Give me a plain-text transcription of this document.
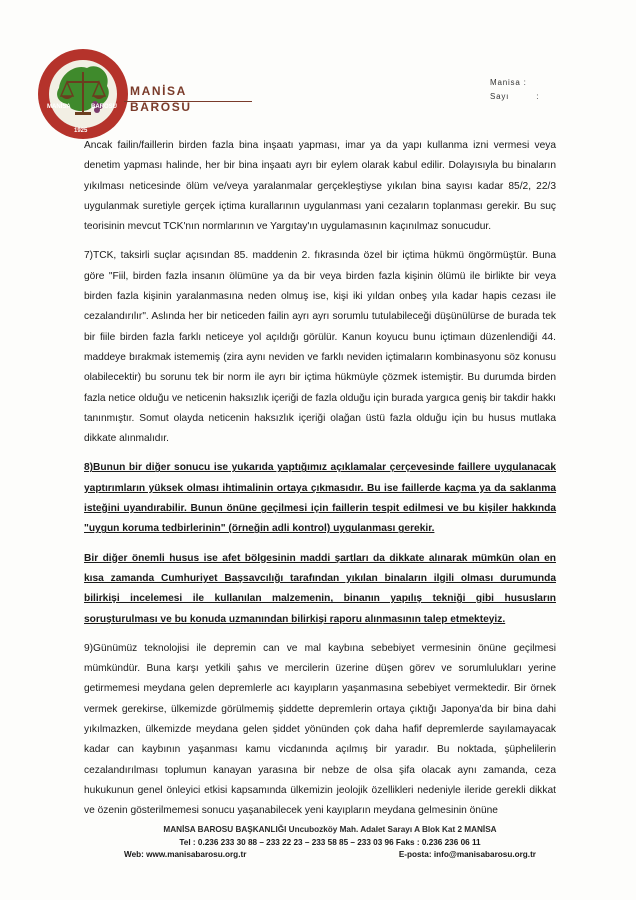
MANİSA	BAROSU
1925
MANİSA BAROSU
Manisa :
Sayı	:

Ancak failin/faillerin birden fazla bina inşaatı yapması, imar ya da yapı kullanma izni vermesi veya denetim yapması halinde, her bir bina inşaatı ayrı bir eylem olarak kabul edilir. Dolayısıyla bu binaların yıkılması neticesinde ölüm ve/veya yaralanmalar gerçekleştiyse yıkılan bina sayısı kadar 85/2, 22/3 uygulanmak suretiyle gerçek içtima kurallarının uygulanması yani cezaların toplanması gerekir. Bu suç teorisinin mevcut TCK'nın normlarının ve Yargıtay'ın uygulamasının kaçınılmaz sonucudur.

7)TCK, taksirli suçlar açısından 85. maddenin 2. fıkrasında özel bir içtima hükmü öngörmüştür. Buna göre "Fiil, birden fazla insanın ölümüne ya da bir veya birden fazla kişinin ölümü ile birlikte bir veya birden fazla kişinin yaralanmasına neden olmuş ise, kişi iki yıldan onbeş yıla kadar hapis cezası ile cezalandırılır". Aslında her bir neticeden failin ayrı ayrı sorumlu tutulabileceği düşünülürse de burada tek bir fiile birden fazla farklı neticeye yol açıldığı görülür. Kanun koyucu bunu içtimaın düzenlendiği 44. maddeye bırakmak istememiş (zira aynı neviden ve farklı neviden içtimaların kombinasyonu söz konusu olabilecektir) bu sorunu tek bir norm ile ayrı bir içtima hükmüyle çözmek istemiştir. Bu durumda birden fazla netice olduğu ve neticenin haksızlık içeriği de fazla olduğu için burada yargıca geniş bir takdir hakkı tanınmıştır. Somut olayda neticenin haksızlık içeriği olağan üstü fazla olduğu için bu husus mutlaka dikkate alınmalıdır.

8)Bunun bir diğer sonucu ise yukarıda yaptığımız açıklamalar çerçevesinde faillere uygulanacak yaptırımların yüksek olması ihtimalinin ortaya çıkmasıdır. Bu ise faillerde kaçma ya da saklanma isteğini uyandırabilir. Bunun önüne geçilmesi için faillerin tespit edilmesi ve bu kişiler hakkında "uygun koruma tedbirlerinin" (örneğin adli kontrol) uygulanması gerekir.

Bir diğer önemli husus ise afet bölgesinin maddi şartları da dikkate alınarak mümkün olan en kısa zamanda Cumhuriyet Başsavcılığı tarafından yıkılan binaların ilgili olması durumunda bilirkişi incelemesi ile kullanılan malzemenin, binanın yapılış tekniği gibi hususların soruşturulması ve bu konuda uzmanından bilirkişi raporu alınmasının talep etmekteyiz.

9)Günümüz teknolojisi ile depremin can ve mal kaybına sebebiyet vermesinin önüne geçilmesi mümkündür. Buna karşı yetkili şahıs ve mercilerin üzerine düşen görev ve sorumlulukları yerine getirmemesi meydana gelen depremlerle acı kayıpların yaşanmasına sebebiyet vermektedir. Bir örnek vermek gerekirse, ülkemizde görülmemiş şiddette depremlerin ortaya çıktığı Japonya'da bir bina dahi yıkılmazken, ülkemizde meydana gelen şiddet yönünden çok daha hafif depremlerde sayılamayacak kadar can kaybının yaşanması kamu vicdanında açılmış bir yaradır. Bu noktada, şüphelilerin cezalandırılması toplumun kanayan yarasına bir nebze de olsa şifa olacak aynı zamanda, ceza hukukunun genel önleyici etkisi kapsamında ülkemizin jeolojik özellikleri nedeniyle ileride gerekli dikkat ve özenin gösterilmemesi sonucu yaşanabilecek yeni kayıpların meydana gelmesinin önüne

MANİSA BAROSU BAŞKANLIĞI Uncubozköy Mah. Adalet Sarayı A Blok Kat 2 MANİSA
Tel : 0.236 233 30 88 – 233 22 23 – 233 58 85 – 233 03 96 Faks : 0.236 236 06 11
Web: www.manisabarosu.org.tr	E-posta: info@manisabarosu.org.tr
